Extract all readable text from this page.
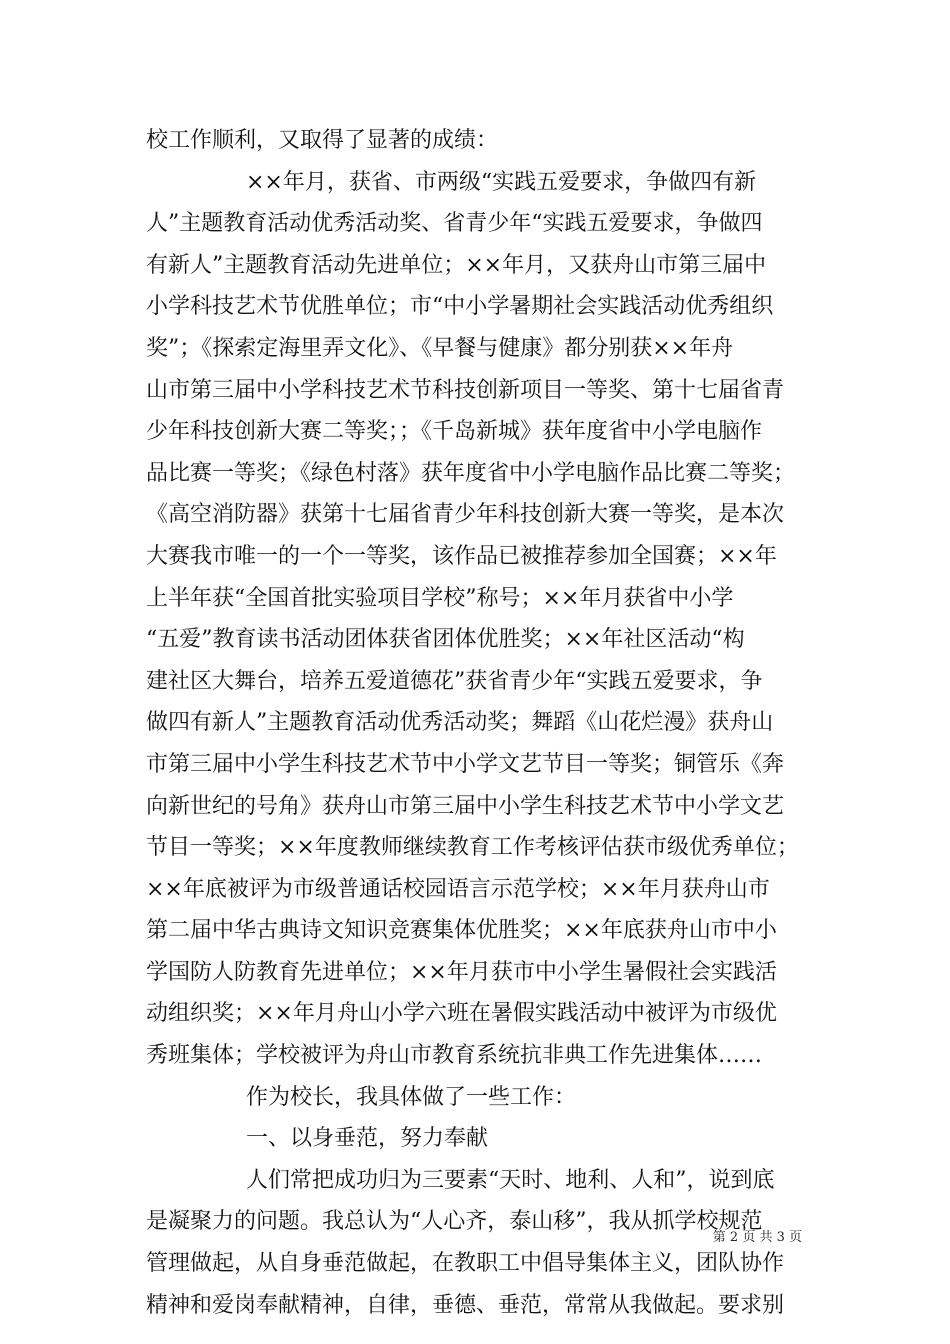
校工作顺利，又取得了显著的成绩：
××年月，获省、市两级“实践五爱要求，争做四有新
人”主题教育活动优秀活动奖、省青少年“实践五爱要求，争做四
有新人”主题教育活动先进单位；××年月，又获舟山市第三届中
小学科技艺术节优胜单位；市“中小学暑期社会实践活动优秀组织
奖”；《探索定海里弄文化》、《早餐与健康》都分别获××年舟
山市第三届中小学科技艺术节科技创新项目一等奖、第十七届省青
少年科技创新大赛二等奖；；《千岛新城》获年度省中小学电脑作
品比赛一等奖；《绿色村落》获年度省中小学电脑作品比赛二等奖；
《高空消防器》获第十七届省青少年科技创新大赛一等奖，是本次
大赛我市唯一的一个一等奖，该作品已被推荐参加全国赛；××年
上半年获“全国首批实验项目学校”称号；××年月获省中小学
“五爱”教育读书活动团体获省团体优胜奖；××年社区活动“构
建社区大舞台，培养五爱道德花”获省青少年“实践五爱要求，争
做四有新人”主题教育活动优秀活动奖；舞蹈《山花烂漫》获舟山
市第三届中小学生科技艺术节中小学文艺节目一等奖；铜管乐《奔
向新世纪的号角》获舟山市第三届中小学生科技艺术节中小学文艺
节目一等奖；××年度教师继续教育工作考核评估获市级优秀单位；
××年底被评为市级普通话校园语言示范学校；××年月获舟山市
第二届中华古典诗文知识竞赛集体优胜奖；××年底获舟山市中小
学国防人防教育先进单位；××年月获市中小学生暑假社会实践活
动组织奖；××年月舟山小学六班在暑假实践活动中被评为市级优
秀班集体；学校被评为舟山市教育系统抗非典工作先进集体……
作为校长，我具体做了一些工作：
一、以身垂范，努力奉献
人们常把成功归为三要素“天时、地利、人和”，说到底
是凝聚力的问题。我总认为“人心齐，泰山移”，我从抓学校规范
管理做起，从自身垂范做起，在教职工中倡导集体主义，团队协作
精神和爱岗奉献精神，自律，垂德、垂范，常常从我做起。要求别
第 2 页 共 3 页
